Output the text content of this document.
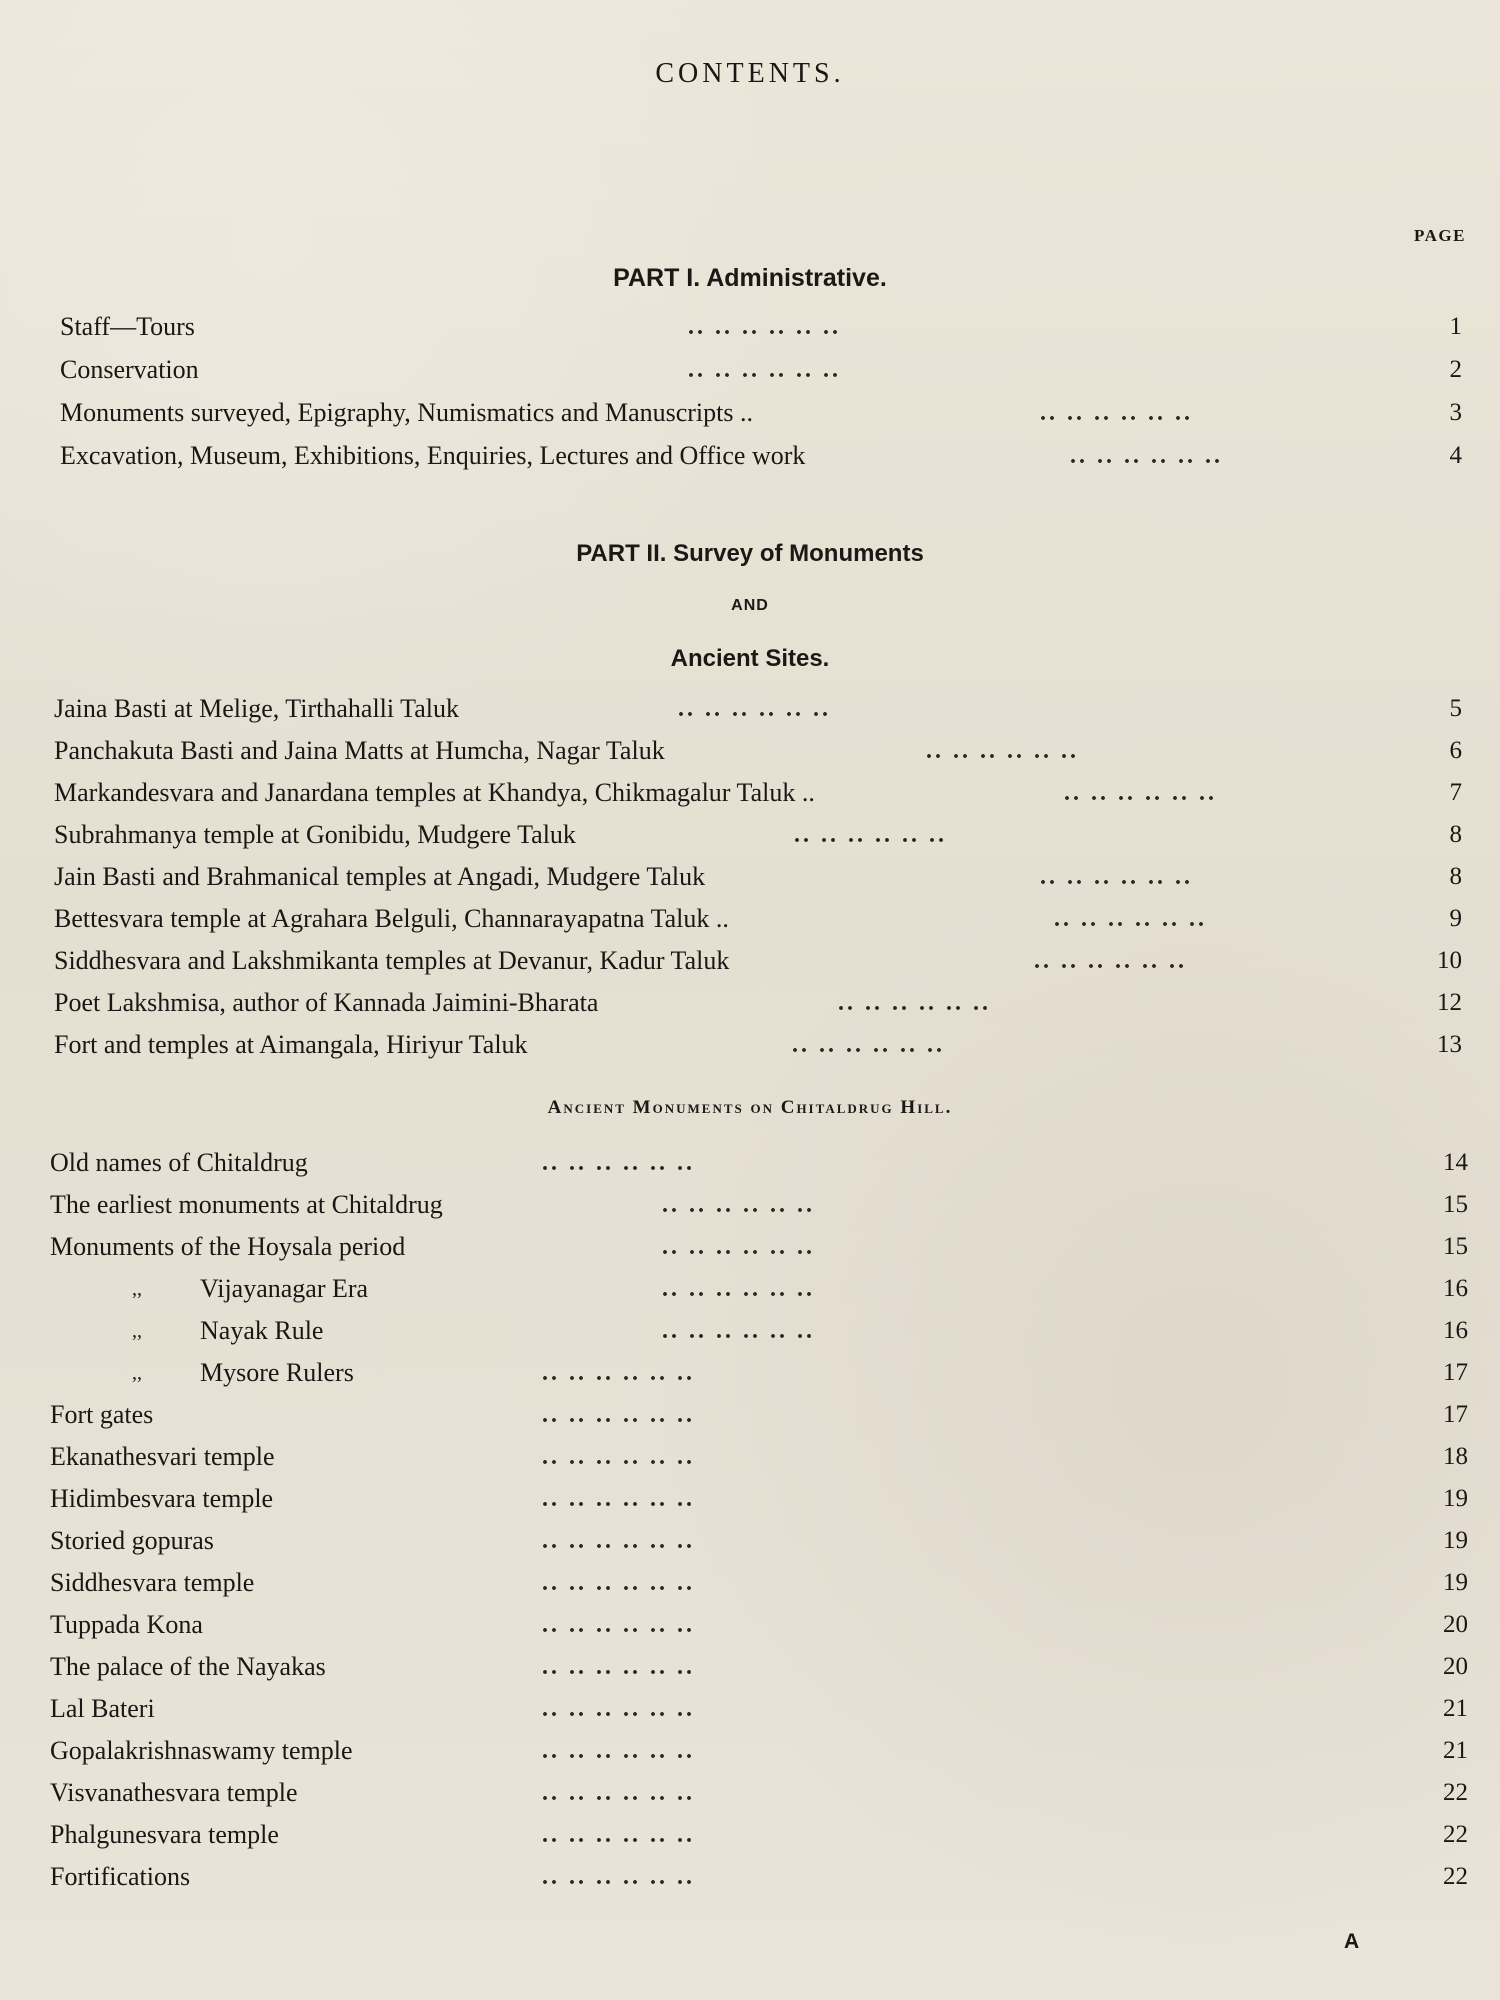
CONTENTS.
PAGE
PART I. Administrative.
Staff—Tours	.. .. .. .. .. ..	1
Conservation	.. .. .. .. .. ..	2
Monuments surveyed, Epigraphy, Numismatics and Manuscripts ..	.. .. .. .. .. ..	3
Excavation, Museum, Exhibitions, Enquiries, Lectures and Office work	.. .. .. .. .. ..	4
PART II. Survey of Monuments
AND
Ancient Sites.
Jaina Basti at Melige, Tirthahalli Taluk	.. .. .. .. .. ..	5
Panchakuta Basti and Jaina Matts at Humcha, Nagar Taluk	.. .. .. .. .. ..	6
Markandesvara and Janardana temples at Khandya, Chikmagalur Taluk ..	.. .. .. .. .. ..	7
Subrahmanya temple at Gonibidu, Mudgere Taluk	.. .. .. .. .. ..	8
Jain Basti and Brahmanical temples at Angadi, Mudgere Taluk	.. .. .. .. .. ..	8
Bettesvara temple at Agrahara Belguli, Channarayapatna Taluk ..	.. .. .. .. .. ..	9
Siddhesvara and Lakshmikanta temples at Devanur, Kadur Taluk	.. .. .. .. .. ..	10
Poet Lakshmisa, author of Kannada Jaimini-Bharata	.. .. .. .. .. ..	12
Fort and temples at Aimangala, Hiriyur Taluk	.. .. .. .. .. ..	13
Ancient Monuments on Chitaldrug Hill.
Old names of Chitaldrug	.. .. .. .. .. ..	14
The earliest monuments at Chitaldrug	.. .. .. .. .. ..	15
Monuments of the Hoysala period	.. .. .. .. .. ..	15
,, Vijayanagar Era	.. .. .. .. .. ..	16
,, Nayak Rule	.. .. .. .. .. ..	16
,, Mysore Rulers	.. .. .. .. .. ..	17
Fort gates	.. .. .. .. .. ..	17
Ekanathesvari temple	.. .. .. .. .. ..	18
Hidimbesvara temple	.. .. .. .. .. ..	19
Storied gopuras	.. .. .. .. .. ..	19
Siddhesvara temple	.. .. .. .. .. ..	19
Tuppada Kona	.. .. .. .. .. ..	20
The palace of the Nayakas	.. .. .. .. .. ..	20
Lal Bateri	.. .. .. .. .. ..	21
Gopalakrishnaswamy temple	.. .. .. .. .. ..	21
Visvanathesvara temple	.. .. .. .. .. ..	22
Phalgunesvara temple	.. .. .. .. .. ..	22
Fortifications	.. .. .. .. .. ..	22
A
